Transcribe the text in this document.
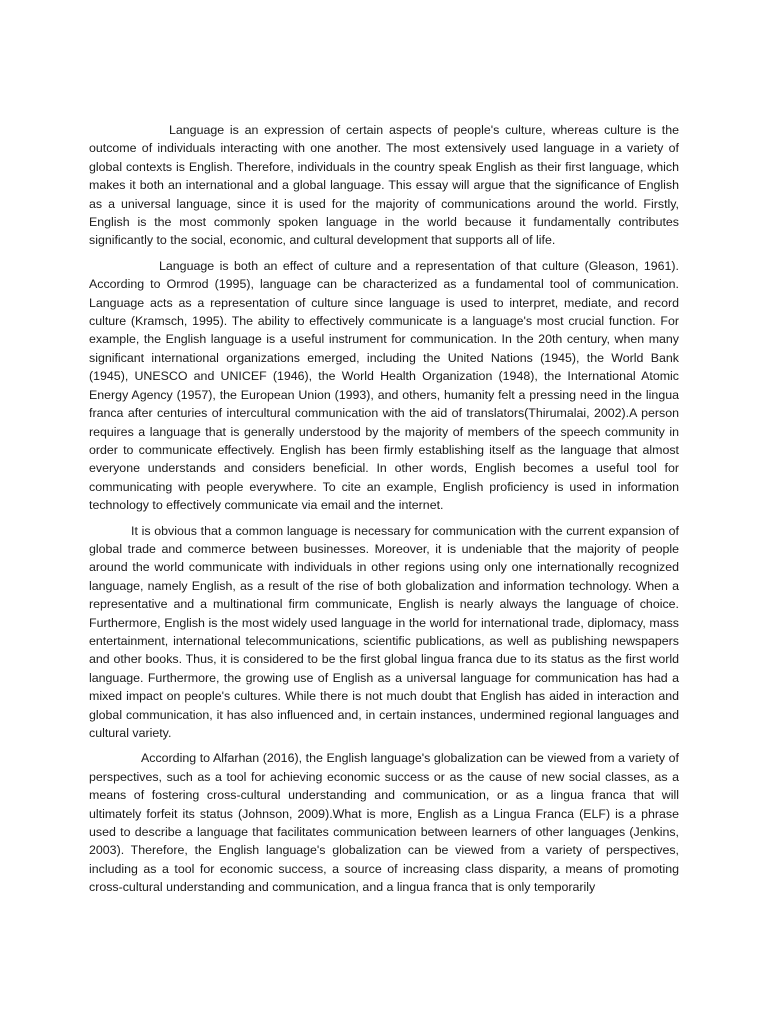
Language is an expression of certain aspects of people's culture, whereas culture is the outcome of individuals interacting with one another. The most extensively used language in a variety of global contexts is English. Therefore, individuals in the country speak English as their first language, which makes it both an international and a global language. This essay will argue that the significance of English as a universal language, since it is used for the majority of communications around the world. Firstly, English is the most commonly spoken language in the world because it fundamentally contributes significantly to the social, economic, and cultural development that supports all of life.

Language is both an effect of culture and a representation of that culture (Gleason, 1961). According to Ormrod (1995), language can be characterized as a fundamental tool of communication. Language acts as a representation of culture since language is used to interpret, mediate, and record culture (Kramsch, 1995). The ability to effectively communicate is a language's most crucial function. For example, the English language is a useful instrument for communication. In the 20th century, when many significant international organizations emerged, including the United Nations (1945), the World Bank (1945), UNESCO and UNICEF (1946), the World Health Organization (1948), the International Atomic Energy Agency (1957), the European Union (1993), and others, humanity felt a pressing need in the lingua franca after centuries of intercultural communication with the aid of translators(Thirumalai, 2002).A person requires a language that is generally understood by the majority of members of the speech community in order to communicate effectively. English has been firmly establishing itself as the language that almost everyone understands and considers beneficial. In other words, English becomes a useful tool for communicating with people everywhere. To cite an example, English proficiency is used in information technology to effectively communicate via email and the internet.

It is obvious that a common language is necessary for communication with the current expansion of global trade and commerce between businesses. Moreover, it is undeniable that the majority of people around the world communicate with individuals in other regions using only one internationally recognized language, namely English, as a result of the rise of both globalization and information technology. When a representative and a multinational firm communicate, English is nearly always the language of choice. Furthermore, English is the most widely used language in the world for international trade, diplomacy, mass entertainment, international telecommunications, scientific publications, as well as publishing newspapers and other books. Thus, it is considered to be the first global lingua franca due to its status as the first world language. Furthermore, the growing use of English as a universal language for communication has had a mixed impact on people's cultures. While there is not much doubt that English has aided in interaction and global communication, it has also influenced and, in certain instances, undermined regional languages and cultural variety.

According to Alfarhan (2016), the English language's globalization can be viewed from a variety of perspectives, such as a tool for achieving economic success or as the cause of new social classes, as a means of fostering cross-cultural understanding and communication, or as a lingua franca that will ultimately forfeit its status (Johnson, 2009).What is more, English as a Lingua Franca (ELF) is a phrase used to describe a language that facilitates communication between learners of other languages (Jenkins, 2003). Therefore, the English language's globalization can be viewed from a variety of perspectives, including as a tool for economic success, a source of increasing class disparity, a means of promoting cross-cultural understanding and communication, and a lingua franca that is only temporarily
